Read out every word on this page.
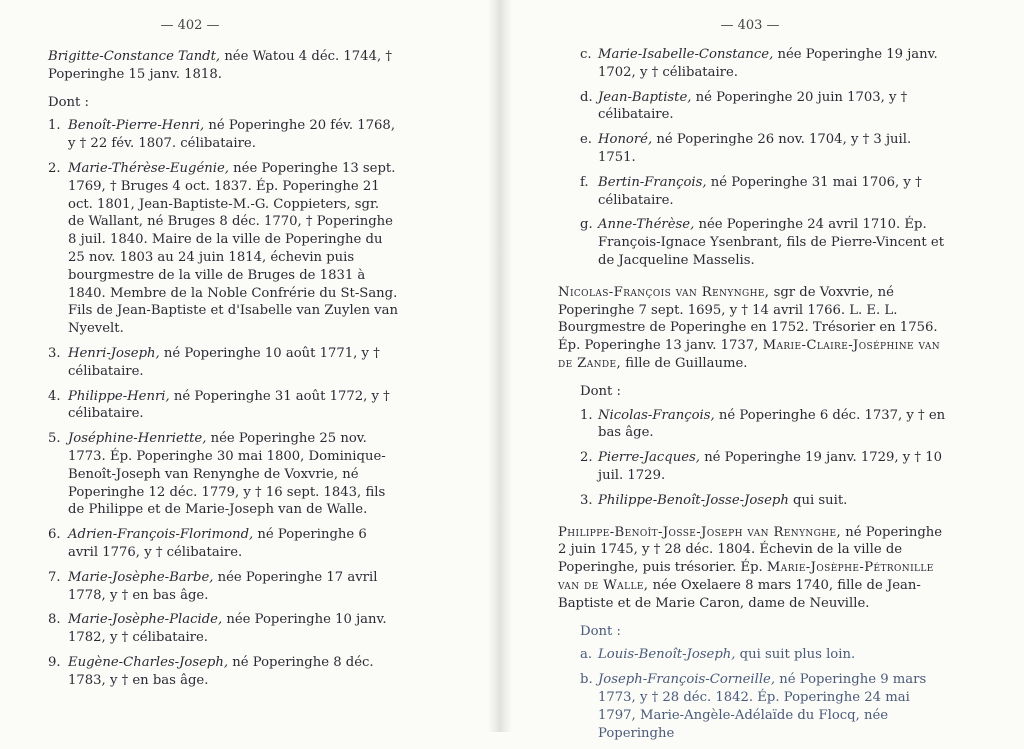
— 402 —

Brigitte-Constance Tandt, née Watou 4 déc. 1744, † Poperinghe 15 janv. 1818.

Dont :
1. Benoît-Pierre-Henri, né Poperinghe 20 fév. 1768, y † 22 fév. 1807. célibataire.
2. Marie-Thérèse-Eugénie, née Poperinghe 13 sept. 1769, † Bruges 4 oct. 1837. Ép. Poperinghe 21 oct. 1801, Jean-Baptiste-M.-G. Coppieters, sgr. de Wallant, né Bruges 8 déc. 1770, † Poperinghe 8 juil. 1840. Maire de la ville de Poperinghe du 25 nov. 1803 au 24 juin 1814, échevin puis bourgmestre de la ville de Bruges de 1831 à 1840. Membre de la Noble Confrérie du St-Sang. Fils de Jean-Baptiste et d'Isabelle van Zuylen van Nyevelt.
3. Henri-Joseph, né Poperinghe 10 août 1771, y † célibataire.
4. Philippe-Henri, né Poperinghe 31 août 1772, y † célibataire.
5. Joséphine-Henriette, née Poperinghe 25 nov. 1773. Ép. Poperinghe 30 mai 1800, Dominique-Benoît-Joseph van Renynghe de Voxvrie, né Poperinghe 12 déc. 1779, y † 16 sept. 1843, fils de Philippe et de Marie-Joseph van de Walle.
6. Adrien-François-Florimond, né Poperinghe 6 avril 1776, y † célibataire.
7. Marie-Josèphe-Barbe, née Poperinghe 17 avril 1778, y † en bas âge.
8. Marie-Josèphe-Placide, née Poperinghe 10 janv. 1782, y † célibataire.
9. Eugène-Charles-Joseph, né Poperinghe 8 déc. 1783, y † en bas âge.
— 403 —
c. Marie-Isabelle-Constance, née Poperinghe 19 janv. 1702, y † célibataire.
d. Jean-Baptiste, né Poperinghe 20 juin 1703, y † célibataire.
e. Honoré, né Poperinghe 26 nov. 1704, y † 3 juil. 1751.
f. Bertin-François, né Poperinghe 31 mai 1706, y † célibataire.
g. Anne-Thérèse, née Poperinghe 24 avril 1710. Ép. François-Ignace Ysenbrant, fils de Pierre-Vincent et de Jacqueline Masselis.

Nicolas-François van Renynghe, sgr de Voxvrie, né Poperinghe 7 sept. 1695, y † 14 avril 1766. L. E. L. Bourgmestre de Poperinghe en 1752. Trésorier en 1756. Ép. Poperinghe 13 janv. 1737, Marie-Claire-Joséphine van de Zande, fille de Guillaume.

Dont :
1. Nicolas-François, né Poperinghe 6 déc. 1737, y † en bas âge.
2. Pierre-Jacques, né Poperinghe 19 janv. 1729, y † 10 juil. 1729.
3. Philippe-Benoît-Josse-Joseph qui suit.

Philippe-Benoît-Josse-Joseph van Renynghe, né Poperinghe 2 juin 1745, y † 28 déc. 1804. Échevin de la ville de Poperinghe, puis trésorier. Ép. Marie-Josèphe-Pétronille van de Walle, née Oxelaere 8 mars 1740, fille de Jean-Baptiste et de Marie Caron, dame de Neuville.

Dont :
a. Louis-Benoît-Joseph, qui suit plus loin.
b. Joseph-François-Corneille, né Poperinghe 9 mars 1773, y † 28 déc. 1842. Ép. Poperinghe 24 mai 1797, Marie-Angèle-Adélaïde du Flocq, née Poperinghe
